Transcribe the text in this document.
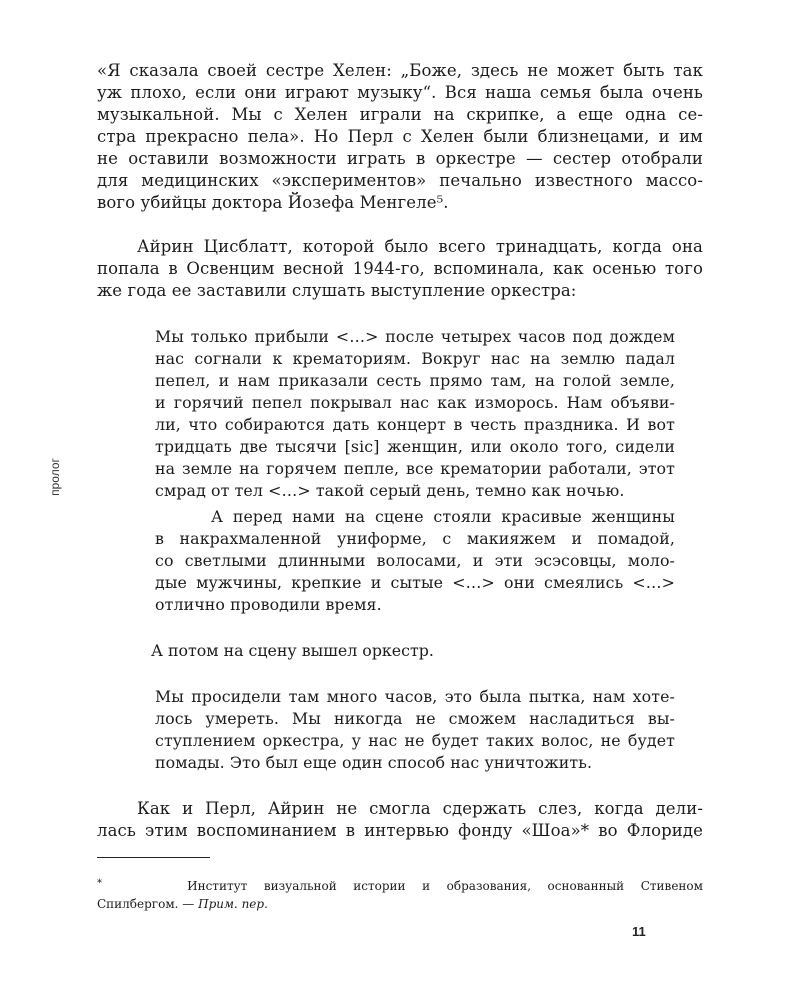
пролог
«Я сказала своей сестре Хелен: „Боже, здесь не может быть так
уж плохо, если они играют музыку“. Вся наша семья была очень
музыкальной. Мы с Хелен играли на скрипке, а еще одна се-
стра прекрасно пела». Но Перл с Хелен были близнецами, и им
не оставили возможности играть в оркестре — сестер отобрали
для медицинских «экспериментов» печально известного массо-
вого убийцы доктора Йозефа Менгеле⁵.
Айрин Цисблатт, которой было всего тринадцать, когда она
попала в Освенцим весной 1944-го, вспоминала, как осенью того
же года ее заставили слушать выступление оркестра:
Мы только прибыли <…> после четырех часов под дождем
нас согнали к крематориям. Вокруг нас на землю падал
пепел, и нам приказали сесть прямо там, на голой земле,
и горячий пепел покрывал нас как изморось. Нам объяви-
ли, что собираются дать концерт в честь праздника. И вот
тридцать две тысячи [sic] женщин, или около того, сидели
на земле на горячем пепле, все крематории работали, этот
смрад от тел <…> такой серый день, темно как ночью.
А перед нами на сцене стояли красивые женщины
в накрахмаленной униформе, с макияжем и помадой,
со светлыми длинными волосами, и эти эсэсовцы, моло-
дые мужчины, крепкие и сытые <…> они смеялись <…>
отлично проводили время.
А потом на сцену вышел оркестр.
Мы просидели там много часов, это была пытка, нам хоте-
лось умереть. Мы никогда не сможем насладиться вы-
ступлением оркестра, у нас не будет таких волос, не будет
помады. Это был еще один способ нас уничтожить.
Как и Перл, Айрин не смогла сдержать слез, когда дели-
лась этим воспоминанием в интервью фонду «Шоа»* во Флориде
*	Институт визуальной истории и образования, основанный Стивеном
Спилбергом. — Прим. пер.
11
